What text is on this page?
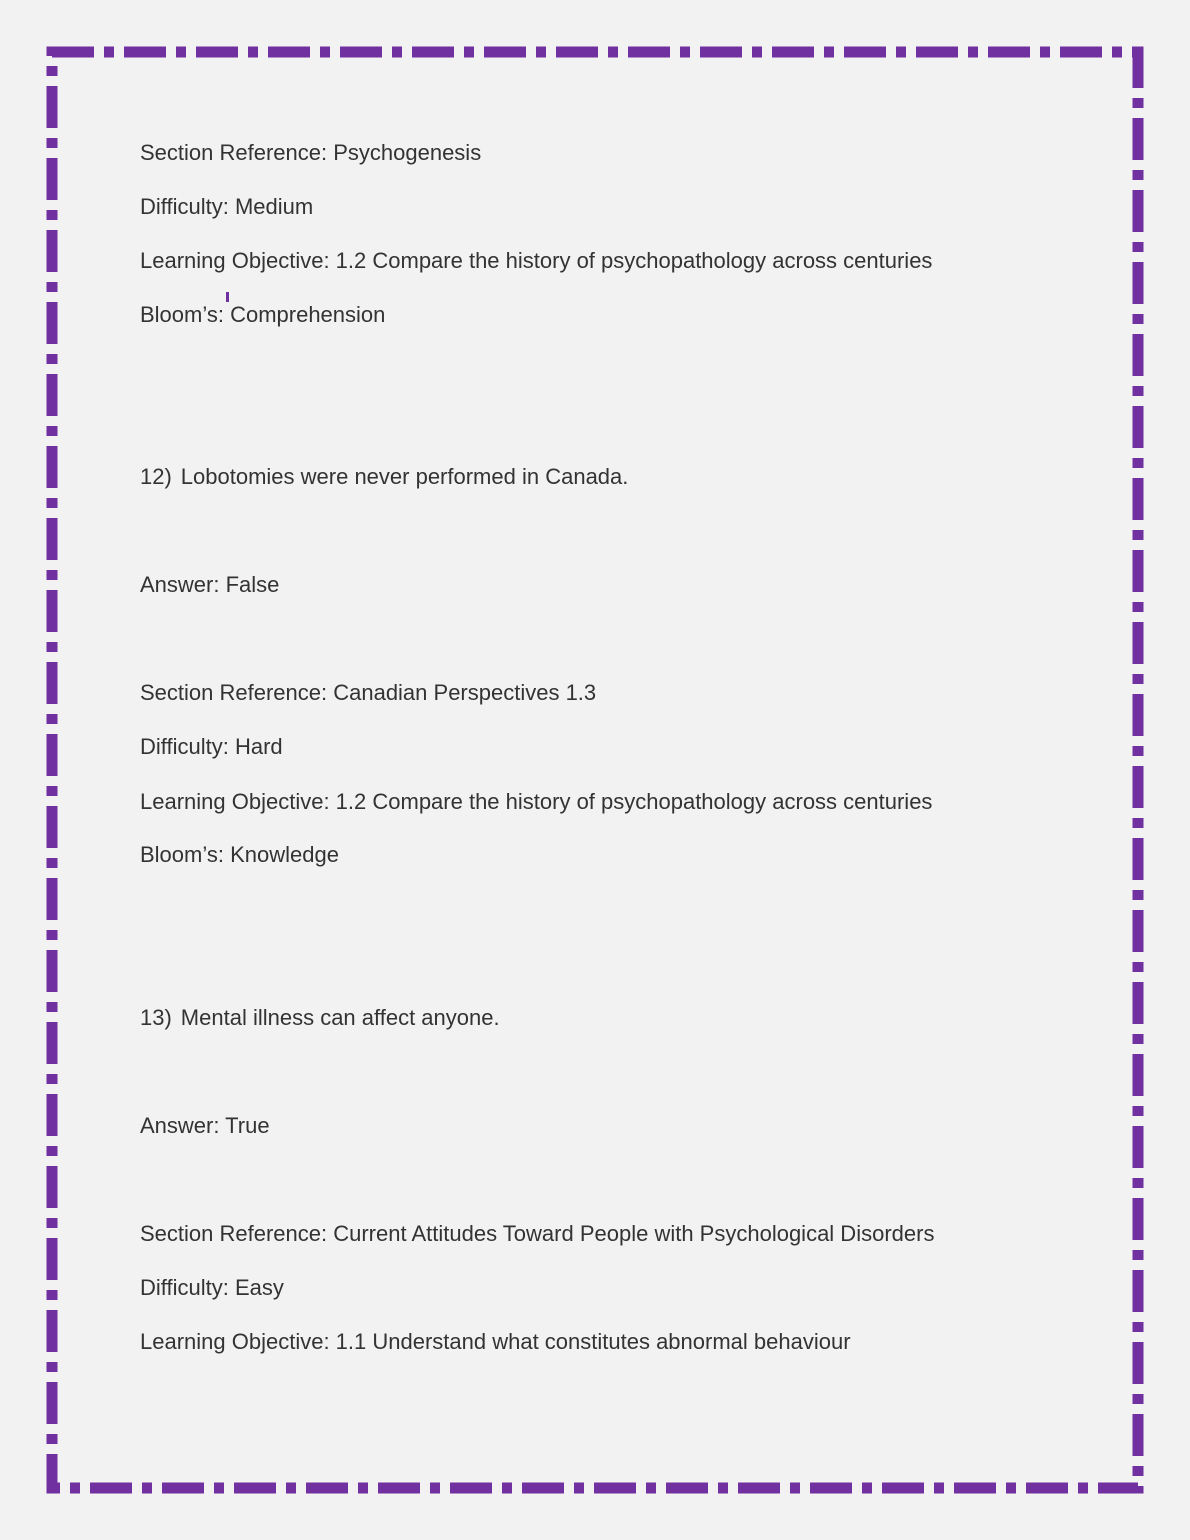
Section Reference: Psychogenesis
Difficulty: Medium
Learning Objective: 1.2 Compare the history of psychopathology across centuries
Bloom’s: Comprehension
12) Lobotomies were never performed in Canada.
Answer: False
Section Reference: Canadian Perspectives 1.3
Difficulty: Hard
Learning Objective: 1.2 Compare the history of psychopathology across centuries
Bloom’s: Knowledge
13) Mental illness can affect anyone.
Answer: True
Section Reference: Current Attitudes Toward People with Psychological Disorders
Difficulty: Easy
Learning Objective: 1.1 Understand what constitutes abnormal behaviour
